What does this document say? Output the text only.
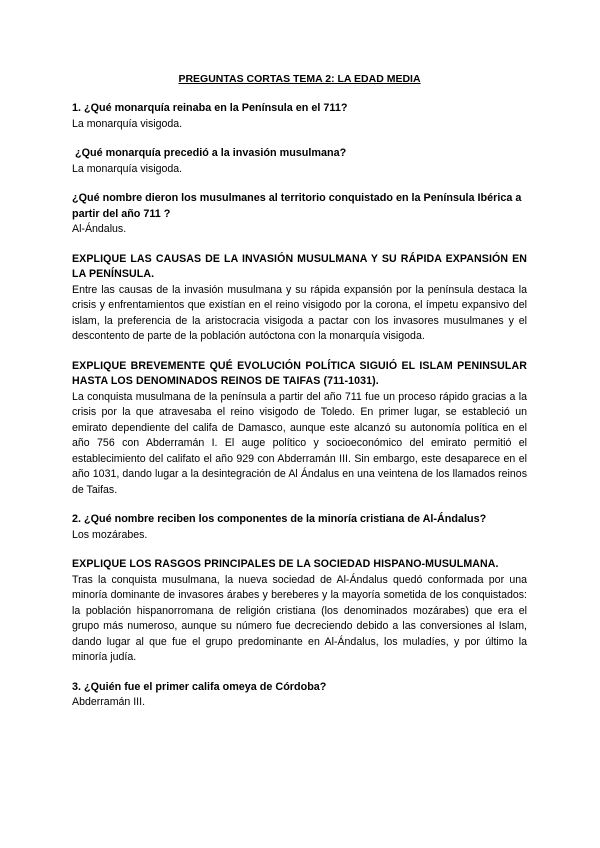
PREGUNTAS CORTAS TEMA 2: LA EDAD MEDIA

1. ¿Qué monarquía reinaba en la Península en el 711?

La monarquía visigoda.

¿Qué monarquía precedió a la invasión musulmana?

La monarquía visigoda.

¿Qué nombre dieron los musulmanes al territorio conquistado en la Península Ibérica a partir del año 711 ?

Al-Ándalus.

EXPLIQUE LAS CAUSAS DE LA INVASIÓN MUSULMANA Y SU RÁPIDA EXPANSIÓN EN LA PENÍNSULA.

Entre las causas de la invasión musulmana y su rápida expansión por la península destaca la crisis y enfrentamientos que existían en el reino visigodo por la corona, el ímpetu expansivo del islam, la preferencia de la aristocracia visigoda a pactar con los invasores musulmanes y el descontento de parte de la población autóctona con la monarquía visigoda.

EXPLIQUE BREVEMENTE QUÉ EVOLUCIÓN POLÍTICA SIGUIÓ EL ISLAM PENINSULAR HASTA LOS DENOMINADOS REINOS DE TAIFAS (711-1031).

La conquista musulmana de la península a partir del año 711 fue un proceso rápido gracias a la crisis por la que atravesaba el reino visigodo de Toledo. En primer lugar, se estableció un emirato dependiente del califa de Damasco, aunque este alcanzó su autonomía política en el año 756 con Abderramán I. El auge político y socioeconómico del emirato permitió el establecimiento del califato el año 929 con Abderramán III. Sin embargo, este desaparece en el año 1031, dando lugar a la desintegración de Al Ándalus en una veintena de los llamados reinos de Taifas.

2. ¿Qué nombre reciben los componentes de la minoría cristiana de Al-Ándalus?

Los mozárabes.

EXPLIQUE LOS RASGOS PRINCIPALES DE LA SOCIEDAD HISPANO-MUSULMANA.

Tras la conquista musulmana, la nueva sociedad de Al-Ándalus quedó conformada por una minoría dominante de invasores árabes y bereberes y la mayoría sometida de los conquistados: la población hispanorromana de religión cristiana (los denominados mozárabes) que era el grupo más numeroso, aunque su número fue decreciendo debido a las conversiones al Islam, dando lugar al que fue el grupo predominante en Al-Ándalus, los muladíes, y por último la minoría judía.

3. ¿Quién fue el primer califa omeya de Córdoba?

Abderramán III.
